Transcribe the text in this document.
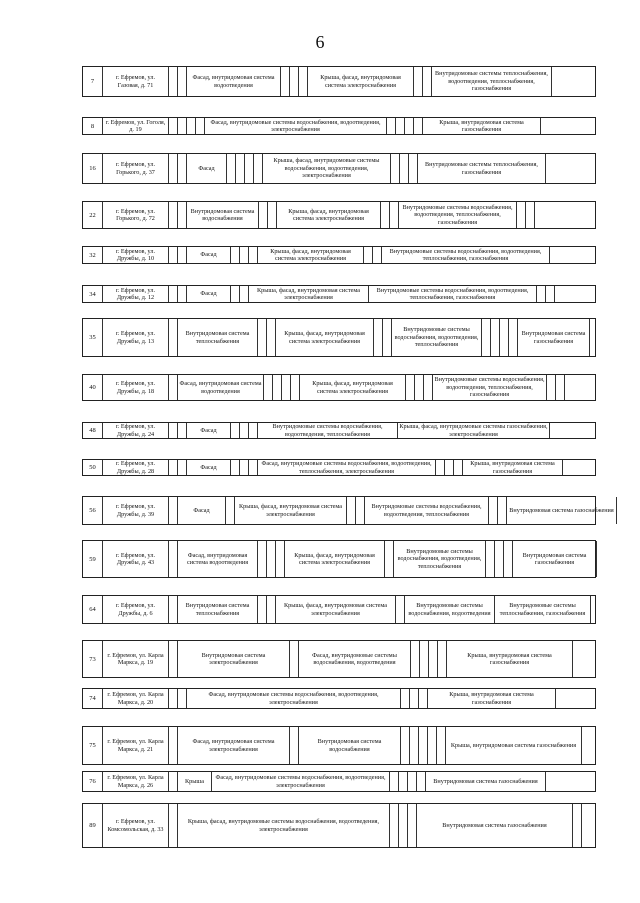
6
7
г. Ефремов, ул. Газовая, д. 71
Фасад, внутридомовая система водоотведения
Крыша, фасад, внутридомовая система электроснабжения
Внутридомовые системы теплоснабжения, водоотведения, теплоснабжения, газоснабжения
8
г. Ефремов, ул. Гоголя, д. 19
Фасад, внутридомовые системы водоснабжения, водоотведения, электроснабжения
Крыша, внутридомовая система газоснабжения
16
г. Ефремов, ул. Горького, д. 37
Фасад
Крыша, фасад, внутридомовые системы водоснабжения, водоотведения, электроснабжения
Внутридомовые системы теплоснабжения, газоснабжения
22
г. Ефремов, ул. Горького, д. 72
Внутридомовая система водоснабжения
Крыша, фасад, внутридомовая система электроснабжения
Внутридомовые системы водоснабжения, водоотведения, теплоснабжения, газоснабжения
32
г. Ефремов, ул. Дружбы, д. 10
Фасад
Крыша, фасад, внутридомовая система электроснабжения
Внутридомовые системы водоснабжения, водоотведения, теплоснабжения, газоснабжения
34
г. Ефремов, ул. Дружбы, д. 12
Фасад
Крыша, фасад, внутридомовая система электроснабжения
Внутридомовые системы водоснабжения, водоотведения, теплоснабжения, газоснабжения
35
г. Ефремов, ул. Дружбы, д. 13
Внутридомовая система теплоснабжения
Крыша, фасад, внутридомовая система электроснабжения
Внутридомовые системы водоснабжения, водоотведения, теплоснабжения
Внутридомовая система газоснабжения
40
г. Ефремов, ул. Дружбы, д. 18
Фасад, внутридомовая система водоотведения
Крыша, фасад, внутридомовая система электроснабжения
Внутридомовые системы водоснабжения, водоотведения, теплоснабжения, газоснабжения
48
г. Ефремов, ул. Дружбы, д. 24
Фасад
Внутридомовые системы водоснабжения, водоотведения, теплоснабжения
Крыша, фасад, внутридомовые системы газоснабжения, электроснабжения
50
г. Ефремов, ул. Дружбы, д. 28
Фасад
Фасад, внутридомовые системы водоснабжения, водоотведения, теплоснабжения, электроснабжения
Крыша, внутридомовая система газоснабжения
56
г. Ефремов, ул. Дружбы, д. 39
Фасад
Крыша, фасад, внутридомовая система электроснабжения
Внутридомовые системы водоснабжения, водоотведения, теплоснабжения
Внутридомовая система газоснабжения
59
г. Ефремов, ул. Дружбы, д. 43
Фасад, внутридомовая система водоотведения
Крыша, фасад, внутридомовая система электроснабжения
Внутридомовые системы водоснабжения, водоотведения, теплоснабжения
Внутридомовая система газоснабжения
64
г. Ефремов, ул. Дружбы, д. 6
Внутридомовая система теплоснабжения
Крыша, фасад, внутридомовая система электроснабжения
Внутридомовые системы водоснабжения, водоотведения
Внутридомовые системы теплоснабжения, газоснабжения
73
г. Ефремов, ул. Карла Маркса, д. 19
Внутридомовая система электроснабжения
Фасад, внутридомовые системы водоснабжения, водоотведения
Крыша, внутридомовая система газоснабжения
74
г. Ефремов, ул. Карла Маркса, д. 20
Фасад, внутридомовые системы водоснабжения, водоотведения, электроснабжения
Крыша, внутридомовая система газоснабжения
75
г. Ефремов, ул. Карла Маркса, д. 21
Фасад, внутридомовая система электроснабжения
Внутридомовая система водоснабжения
Крыша, внутридомовая система газоснабжения
76
г. Ефремов, ул. Карла Маркса, д. 26
Крыша
Фасад, внутридомовые системы водоснабжения, водоотведения, электроснабжения
Внутридомовая система газоснабжения
89
г. Ефремов, ул. Комсомольская, д. 33
Крыша, фасад, внутридомовые системы водоснабжения, водоотведения, электроснабжения
Внутридомовая система газоснабжения
